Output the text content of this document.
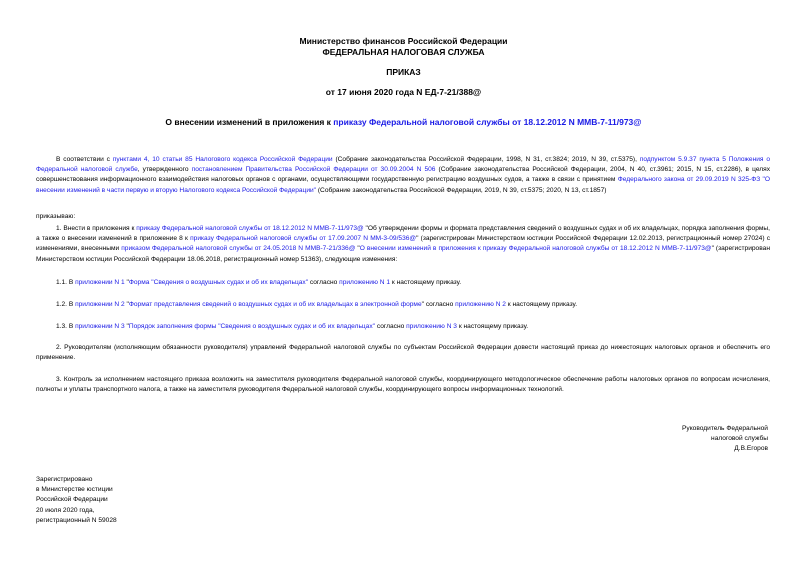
Министерство финансов Российской Федерации
ФЕДЕРАЛЬНАЯ НАЛОГОВАЯ СЛУЖБА
ПРИКАЗ
от 17 июня 2020 года N ЕД-7-21/388@
О внесении изменений в приложения к приказу Федеральной налоговой службы от 18.12.2012 N ММВ-7-11/973@
В соответствии с пунктами 4, 10 статьи 85 Налогового кодекса Российской Федерации (Собрание законодательства Российской Федерации, 1998, N 31, ст.3824; 2019, N 39, ст.5375), подпунктом 5.9.37 пункта 5 Положения о Федеральной налоговой службе, утвержденного постановлением Правительства Российской Федерации от 30.09.2004 N 506 (Собрание законодательства Российской Федерации, 2004, N 40, ст.3961; 2015, N 15, ст.2286), в целях совершенствования информационного взаимодействия налоговых органов с органами, осуществляющими государственную регистрацию воздушных судов, а также в связи с принятием Федерального закона от 29.09.2019 N 325-ФЗ "О внесении изменений в части первую и вторую Налогового кодекса Российской Федерации" (Собрание законодательства Российской Федерации, 2019, N 39, ст.5375; 2020, N 13, ст.1857)
приказываю:
1. Внести в приложения к приказу Федеральной налоговой службы от 18.12.2012 N ММВ-7-11/973@ "Об утверждении формы и формата представления сведений о воздушных судах и об их владельцах, порядка заполнения формы, а также о внесении изменений в приложение 8 к приказу Федеральной налоговой службы от 17.09.2007 N ММ-3-09/536@" (зарегистрирован Министерством юстиции Российской Федерации 12.02.2013, регистрационный номер 27024) с изменениями, внесенными приказом Федеральной налоговой службы от 24.05.2018 N ММВ-7-21/336@ "О внесении изменений в приложения к приказу Федеральной налоговой службы от 18.12.2012 N ММВ-7-11/973@" (зарегистрирован Министерством юстиции Российской Федерации 18.06.2018, регистрационный номер 51363), следующие изменения:
1.1. В приложении N 1 "Форма "Сведения о воздушных судах и об их владельцах" согласно приложению N 1 к настоящему приказу.
1.2. В приложении N 2 "Формат представления сведений о воздушных судах и об их владельцах в электронной форме" согласно приложению N 2 к настоящему приказу.
1.3. В приложении N 3 "Порядок заполнения формы "Сведения о воздушных судах и об их владельцах" согласно приложению N 3 к настоящему приказу.
2. Руководителям (исполняющим обязанности руководителя) управлений Федеральной налоговой службы по субъектам Российской Федерации довести настоящий приказ до нижестоящих налоговых органов и обеспечить его применение.
3. Контроль за исполнением настоящего приказа возложить на заместителя руководителя Федеральной налоговой службы, координирующего методологическое обеспечение работы налоговых органов по вопросам исчисления, полноты и уплаты транспортного налога, а также на заместителя руководителя Федеральной налоговой службы, координирующего вопросы информационных технологий.
Руководитель Федеральной
налоговой службы
Д.В.Егоров
Зарегистрировано
в Министерстве юстиции
Российской Федерации
20 июля 2020 года,
регистрационный N 59028
